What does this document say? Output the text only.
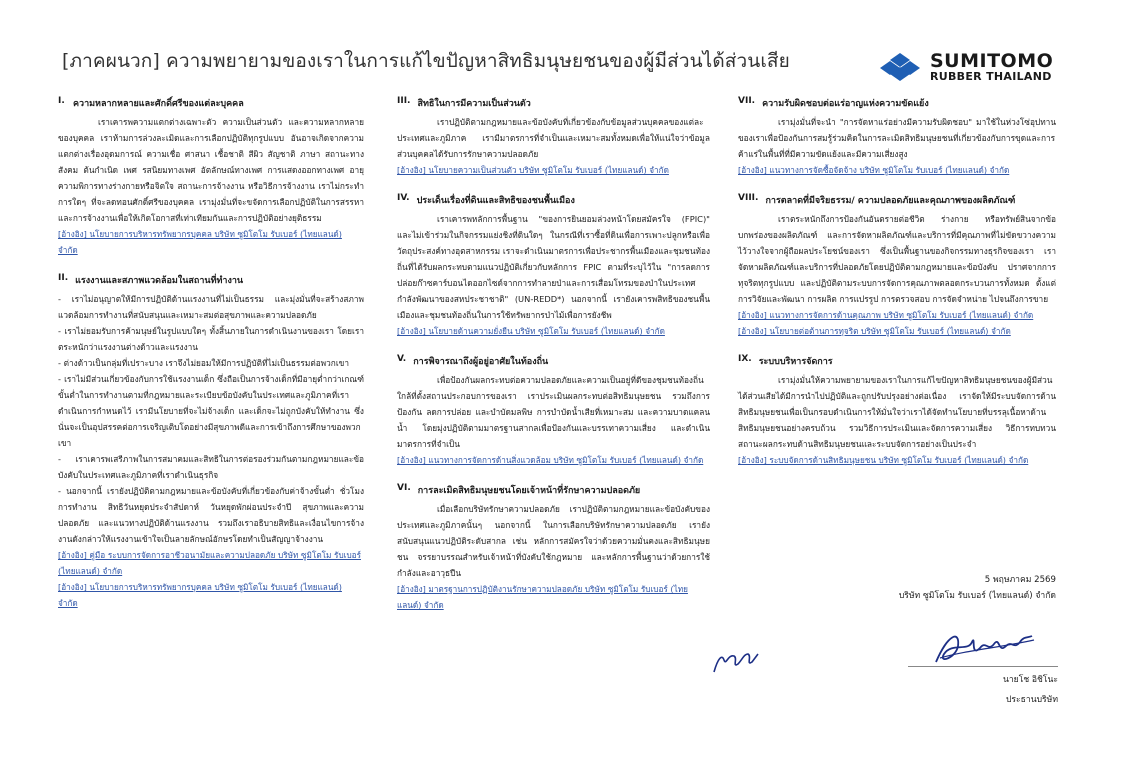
[ภาคผนวก] ความพยายามของเราในการแก้ไขปัญหาสิทธิมนุษยชนของผู้มีส่วนได้ส่วนเสีย	SUMITOMO
RUBBER THAILAND
I. ความหลากหลายและศักดิ์ศรีของแต่ละบุคคล

เราเคารพความแตกต่างเฉพาะตัว ความเป็นส่วนตัว และความหลากหลายของบุคคล เราห้ามการล่วงละเมิดและการเลือกปฏิบัติทุกรูปแบบ อันอาจเกิดจากความแตกต่างเรื่องอุดมการณ์ ความเชื่อ ศาสนา เชื้อชาติ สีผิว สัญชาติ ภาษา สถานะทางสังคม ต้นกำเนิด เพศ รสนิยมทางเพศ อัตลักษณ์ทางเพศ การแสดงออกทางเพศ อายุ ความพิการทางร่างกายหรือจิตใจ สถานะการจ้างงาน หรือวิธีการจ้างงาน เราไม่กระทำการใดๆ ที่จะลดทอนศักดิ์ศรีของบุคคล เรามุ่งมั่นที่จะขจัดการเลือกปฏิบัติในการสรรหาและการจ้างงานเพื่อให้เกิดโอกาสที่เท่าเทียมกันและการปฏิบัติอย่างยุติธรรม

[อ้างอิง] นโยบายการบริหารทรัพยากรบุคคล บริษัท ซูมิโตโม รับเบอร์ (ไทยแลนด์) จำกัด

II. แรงงานและสภาพแวดล้อมในสถานที่ทำงาน

- เราไม่อนุญาตให้มีการปฏิบัติด้านแรงงานที่ไม่เป็นธรรม และมุ่งมั่นที่จะสร้างสภาพแวดล้อมการทำงานที่สนับสนุนและเหมาะสมต่อสุขภาพและความปลอดภัย

- เราไม่ยอมรับการค้ามนุษย์ในรูปแบบใดๆ ทั้งสิ้นภายในการดำเนินงานของเรา โดยเราตระหนักว่าแรงงานต่างด้าวและแรงงาน

- ต่างด้าวเป็นกลุ่มที่เปราะบาง เราจึงไม่ยอมให้มีการปฏิบัติที่ไม่เป็นธรรมต่อพวกเขา

- เราไม่มีส่วนเกี่ยวข้องกับการใช้แรงงานเด็ก ซึ่งถือเป็นการจ้างเด็กที่มีอายุต่ำกว่าเกณฑ์ขั้นต่ำในการทำงานตามที่กฎหมายและระเบียบข้อบังคับในประเทศและภูมิภาคที่เราดำเนินการกำหนดไว้ เรามีนโยบายที่จะไม่จ้างเด็ก และเด็กจะไม่ถูกบังคับให้ทำงาน ซึ่งนั่นจะเป็นอุปสรรคต่อการเจริญเติบโตอย่างมีสุขภาพดีและการเข้าถึงการศึกษาของพวกเขา

- เราเคารพเสรีภาพในการสมาคมและสิทธิในการต่อรองร่วมกันตามกฎหมายและข้อบังคับในประเทศและภูมิภาคที่เราดำเนินธุรกิจ

- นอกจากนี้ เรายังปฏิบัติตามกฎหมายและข้อบังคับที่เกี่ยวข้องกับค่าจ้างขั้นต่ำ ชั่วโมงการทำงาน สิทธิวันหยุดประจำสัปดาห์ วันหยุดพักผ่อนประจำปี สุขภาพและความปลอดภัย และแนวทางปฏิบัติด้านแรงงาน รวมถึงเราอธิบายสิทธิและเงื่อนไขการจ้างงานดังกล่าวให้แรงงานเข้าใจเป็นลายลักษณ์อักษรโดยทำเป็นสัญญาจ้างงาน

[อ้างอิง] คู่มือ ระบบการจัดการอาชีวอนามัยและความปลอดภัย บริษัท ซูมิโตโม รับเบอร์ (ไทยแลนด์) จำกัด

[อ้างอิง] นโยบายการบริหารทรัพยากรบุคคล บริษัท ซูมิโตโม รับเบอร์ (ไทยแลนด์) จำกัด

III. สิทธิในการมีความเป็นส่วนตัว

เราปฏิบัติตามกฎหมายและข้อบังคับที่เกี่ยวข้องกับข้อมูลส่วนบุคคลของแต่ละประเทศและภูมิภาค เรามีมาตรการที่จำเป็นและเหมาะสมทั้งหมดเพื่อให้แน่ใจว่าข้อมูลส่วนบุคคลได้รับการรักษาความปลอดภัย

[อ้างอิง] นโยบายความเป็นส่วนตัว บริษัท ซูมิโตโม รับเบอร์ (ไทยแลนด์) จำกัด

IV. ประเด็นเรื่องที่ดินและสิทธิของชนพื้นเมือง

เราเคารพหลักการพื้นฐาน "ของการยินยอมล่วงหน้าโดยสมัครใจ (FPIC)" และไม่เข้าร่วมในกิจกรรมแย่งชิงที่ดินใดๆ ในกรณีที่เราซื้อที่ดินเพื่อการเพาะปลูกหรือเพื่อวัตถุประสงค์ทางอุตสาหกรรม เราจะดำเนินมาตรการเพื่อประชากรพื้นเมืองและชุมชนท้องถิ่นที่ได้รับผลกระทบตามแนวปฏิบัติเกี่ยวกับหลักการ FPIC ตามที่ระบุไว้ใน "การลดการปล่อยก๊าซคาร์บอนไดออกไซด์จากการทำลายป่าและการเสื่อมโทรมของป่าในประเทศกำลังพัฒนาของสหประชาชาติ" (UN-REDD*) นอกจากนี้ เรายังเคารพสิทธิของชนพื้นเมืองและชุมชนท้องถิ่นในการใช้ทรัพยากรป่าไม้เพื่อการยังชีพ

[อ้างอิง] นโยบายด้านความยั่งยืน บริษัท ซูมิโตโม รับเบอร์ (ไทยแลนด์) จำกัด

V. การพิจารณาถึงผู้อยู่อาศัยในท้องถิ่น

เพื่อป้องกันผลกระทบต่อความปลอดภัยและความเป็นอยู่ที่ดีของชุมชนท้องถิ่นใกล้ที่ตั้งสถานประกอบการของเรา เราประเมินผลกระทบต่อสิทธิมนุษยชน รวมถึงการป้องกัน ลดการปล่อย และบำบัดมลพิษ การบำบัดน้ำเสียที่เหมาะสม และความบาดแคลนน้ำ โดยมุ่งปฏิบัติตามมาตรฐานสากลเพื่อป้องกันและบรรเทาความเสี่ยง และดำเนินมาตรการที่จำเป็น

[อ้างอิง] แนวทางการจัดการด้านสิ่งแวดล้อม บริษัท ซูมิโตโม รับเบอร์ (ไทยแลนด์) จำกัด

VI. การละเมิดสิทธิมนุษยชนโดยเจ้าหน้าที่รักษาความปลอดภัย

เมื่อเลือกบริษัทรักษาความปลอดภัย เราปฏิบัติตามกฎหมายและข้อบังคับของประเทศและภูมิภาคนั้นๆ นอกจากนี้ ในการเลือกบริษัทรักษาความปลอดภัย เรายังสนับสนุนแนวปฏิบัติระดับสากล เช่น หลักการสมัครใจว่าด้วยความมั่นคงและสิทธิมนุษยชน จรรยาบรรณสำหรับเจ้าหน้าที่บังคับใช้กฎหมาย และหลักการพื้นฐานว่าด้วยการใช้กำลังและอาวุธปืน

[อ้างอิง] มาตรฐานการปฏิบัติงานรักษาความปลอดภัย บริษัท ซูมิโตโม รับเบอร์ (ไทยแลนด์) จำกัด

VII. ความรับผิดชอบต่อแร่อาญแห่งความขัดแย้ง

เรามุ่งมั่นที่จะนำ "การจัดหาแร่อย่างมีความรับผิดชอบ" มาใช้ในห่วงโซ่อุปทานของเราเพื่อป้องกันการสมรู้ร่วมคิดในการละเมิดสิทธิมนุษยชนที่เกี่ยวข้องกับการขุดและการค้าแร่ในพื้นที่ที่มีความขัดแย้งและมีความเสี่ยงสูง

[อ้างอิง] แนวทางการจัดซื้อจัดจ้าง บริษัท ซูมิโตโม รับเบอร์ (ไทยแลนด์) จำกัด

VIII. การตลาดที่มีจริยธรรม/ ความปลอดภัยและคุณภาพของผลิตภัณฑ์

เราตระหนักถึงการป้องกันอันตรายต่อชีวิต ร่างกาย หรือทรัพย์สินจากข้อบกพร่องของผลิตภัณฑ์ และการจัดหาผลิตภัณฑ์และบริการที่มีคุณภาพที่ไม่ขัดขวางความไว้วางใจจากผู้ถือผลประโยชน์ของเรา ซึ่งเป็นพื้นฐานของกิจกรรมทางธุรกิจของเรา เราจัดหาผลิตภัณฑ์และบริการที่ปลอดภัยโดยปฏิบัติตามกฎหมายและข้อบังคับ ปราศจากการทุจริตทุกรูปแบบ และปฏิบัติตามระบบการจัดการคุณภาพตลอดกระบวนการทั้งหมด ตั้งแต่การวิจัยและพัฒนา การผลิต การแปรรูป การตรวจสอบ การจัดจำหน่าย ไปจนถึงการขาย

[อ้างอิง] แนวทางการจัดการด้านคุณภาพ บริษัท ซูมิโตโม รับเบอร์ (ไทยแลนด์) จำกัด

[อ้างอิง] นโยบายต่อต้านการทุจริต บริษัท ซูมิโตโม รับเบอร์ (ไทยแลนด์) จำกัด

IX. ระบบบริหารจัดการ

เรามุ่งมั่นให้ความพยายามของเราในการแก้ไขปัญหาสิทธิมนุษยชนของผู้มีส่วนได้ส่วนเสียได้มีการนำไปปฏิบัติและถูกปรับปรุงอย่างต่อเนื่อง เราจัดให้มีระบบจัดการด้านสิทธิมนุษยชนเพื่อเป็นกรอบดำเนินการให้มั่นใจว่าเราได้จัดทำนโยบายที่บรรลุเนื้อหาด้านสิทธิมนุษยชนอย่างครบถ้วน รวมวิธีการประเมินและจัดการความเสี่ยง วิธีการทบทวนสถานะผลกระทบด้านสิทธิมนุษยชนและระบบจัดการอย่างเป็นประจำ

[อ้างอิง] ระบบจัดการด้านสิทธิมนุษยชน บริษัท ซูมิโตโม รับเบอร์ (ไทยแลนด์) จำกัด

5 พฤษภาคม 2569
บริษัท ซูมิโตโม รับเบอร์ (ไทยแลนด์) จำกัด
นายโช อิชิโนะ
ประธานบริษัท
